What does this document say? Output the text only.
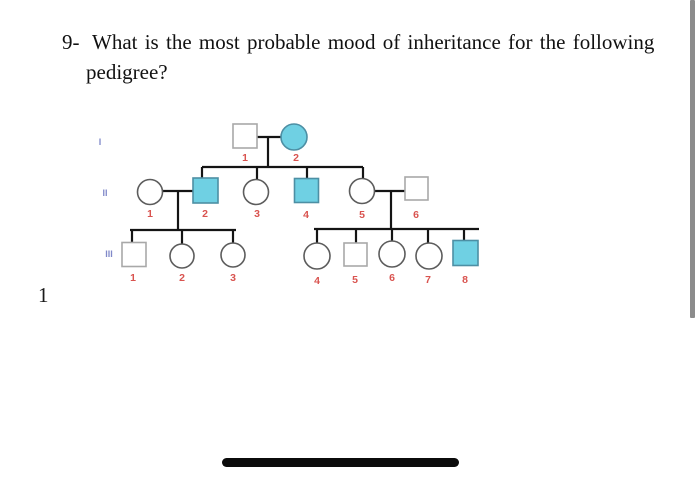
9- What is the most probable mood of inheritance for the following
pedigree?
1	2
1	2	3	4	5	6
1	2	3	4	5	6	7	8
I
II
III
1
